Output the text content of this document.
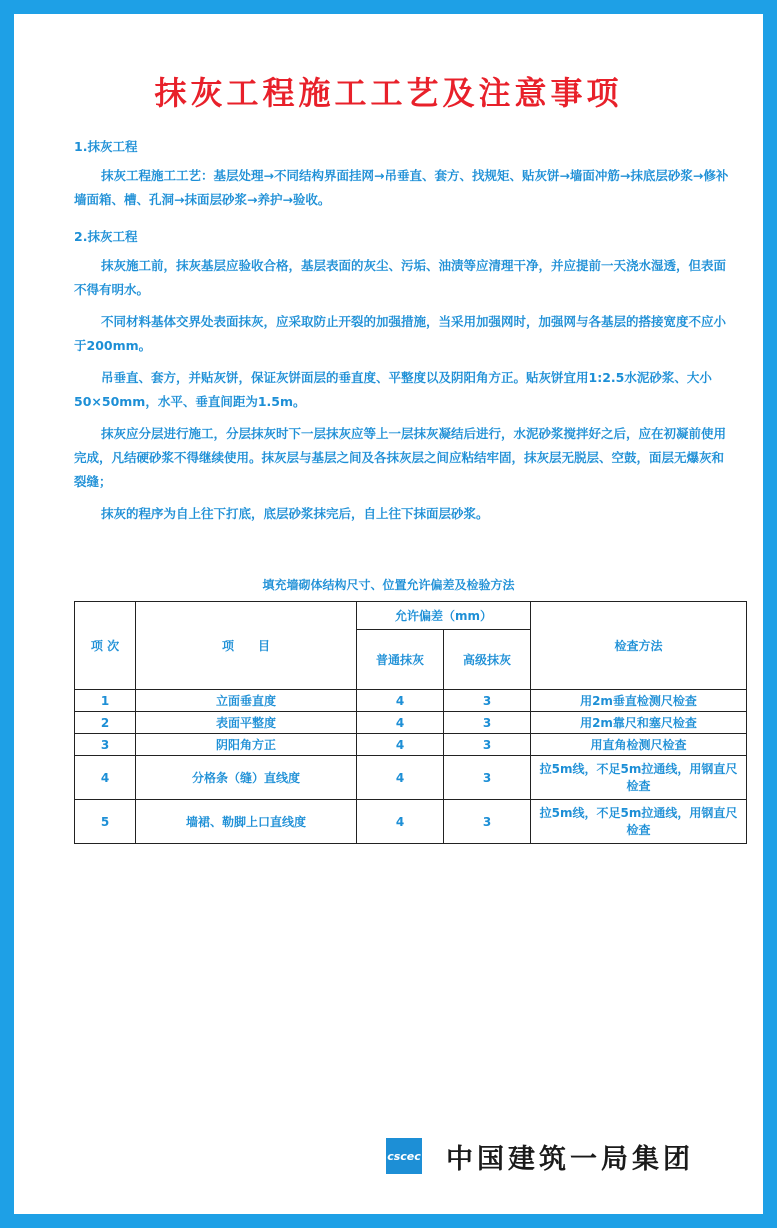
抹灰工程施工工艺及注意事项
1.抹灰工程
抹灰工程施工工艺：基层处理→不同结构界面挂网→吊垂直、套方、找规矩、贴灰饼→墙面冲筋→抹底层砂浆→修补墙面箱、槽、孔洞→抹面层砂浆→养护→验收。
2.抹灰工程
抹灰施工前，抹灰基层应验收合格，基层表面的灰尘、污垢、油渍等应清理干净，并应提前一天浇水湿透，但表面不得有明水。
不同材料基体交界处表面抹灰，应采取防止开裂的加强措施，当采用加强网时，加强网与各基层的搭接宽度不应小于200mm。
吊垂直、套方，并贴灰饼，保证灰饼面层的垂直度、平整度以及阴阳角方正。贴灰饼宜用1:2.5水泥砂浆、大小50×50mm，水平、垂直间距为1.5m。
抹灰应分层进行施工，分层抹灰时下一层抹灰应等上一层抹灰凝结后进行，水泥砂浆搅拌好之后，应在初凝前使用完成，凡结硬砂浆不得继续使用。抹灰层与基层之间及各抹灰层之间应粘结牢固，抹灰层无脱层、空鼓，面层无爆灰和裂缝；
抹灰的程序为自上往下打底，底层砂浆抹完后，自上往下抹面层砂浆。
填充墙砌体结构尺寸、位置允许偏差及检验方法
项 次	项　　目	允许偏差（mm）		检查方法
		普通抹灰	高级抹灰	
1	立面垂直度	4	3	用2m垂直检测尺检查
2	表面平整度	4	3	用2m靠尺和塞尺检查
3	阴阳角方正	4	3	用直角检测尺检查
4	分格条（缝）直线度	4	3	拉5m线，不足5m拉通线，用钢直尺检查
5	墙裙、勒脚上口直线度	4	3	拉5m线，不足5m拉通线，用钢直尺检查
cscec 中国建筑一局集团
